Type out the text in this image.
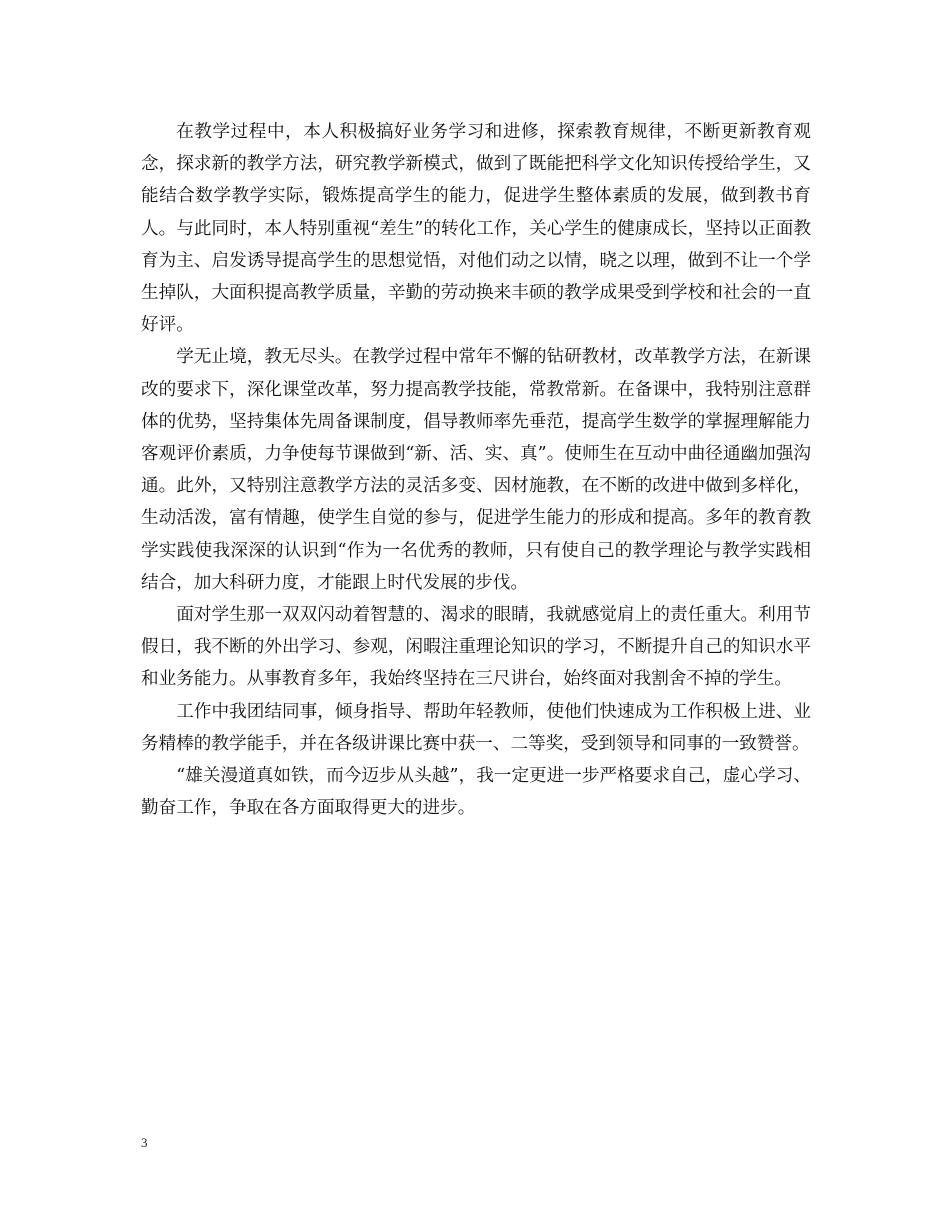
在教学过程中，本人积极搞好业务学习和进修，探索教育规律，不断更新教育观念，探求新的教学方法，研究教学新模式，做到了既能把科学文化知识传授给学生，又能结合数学教学实际，锻炼提高学生的能力，促进学生整体素质的发展，做到教书育人。与此同时，本人特别重视“差生”的转化工作，关心学生的健康成长，坚持以正面教育为主、启发诱导提高学生的思想觉悟，对他们动之以情，晓之以理，做到不让一个学生掉队，大面积提高教学质量，辛勤的劳动换来丰硕的教学成果受到学校和社会的一直好评。

学无止境，教无尽头。在教学过程中常年不懈的钻研教材，改革教学方法，在新课改的要求下，深化课堂改革，努力提高教学技能，常教常新。在备课中，我特别注意群体的优势，坚持集体先周备课制度，倡导教师率先垂范，提高学生数学的掌握理解能力客观评价素质，力争使每节课做到“新、活、实、真”。使师生在互动中曲径通幽加强沟通。此外，又特别注意教学方法的灵活多变、因材施教，在不断的改进中做到多样化，生动活泼，富有情趣，使学生自觉的参与，促进学生能力的形成和提高。多年的教育教学实践使我深深的认识到“作为一名优秀的教师，只有使自己的教学理论与教学实践相结合，加大科研力度，才能跟上时代发展的步伐。

面对学生那一双双闪动着智慧的、渴求的眼睛，我就感觉肩上的责任重大。利用节假日，我不断的外出学习、参观，闲暇注重理论知识的学习，不断提升自己的知识水平和业务能力。从事教育多年，我始终坚持在三尺讲台，始终面对我割舍不掉的学生。

工作中我团结同事，倾身指导、帮助年轻教师，使他们快速成为工作积极上进、业务精棒的教学能手，并在各级讲课比赛中获一、二等奖，受到领导和同事的一致赞誉。

“雄关漫道真如铁，而今迈步从头越”，我一定更进一步严格要求自己，虚心学习、勤奋工作，争取在各方面取得更大的进步。

3
